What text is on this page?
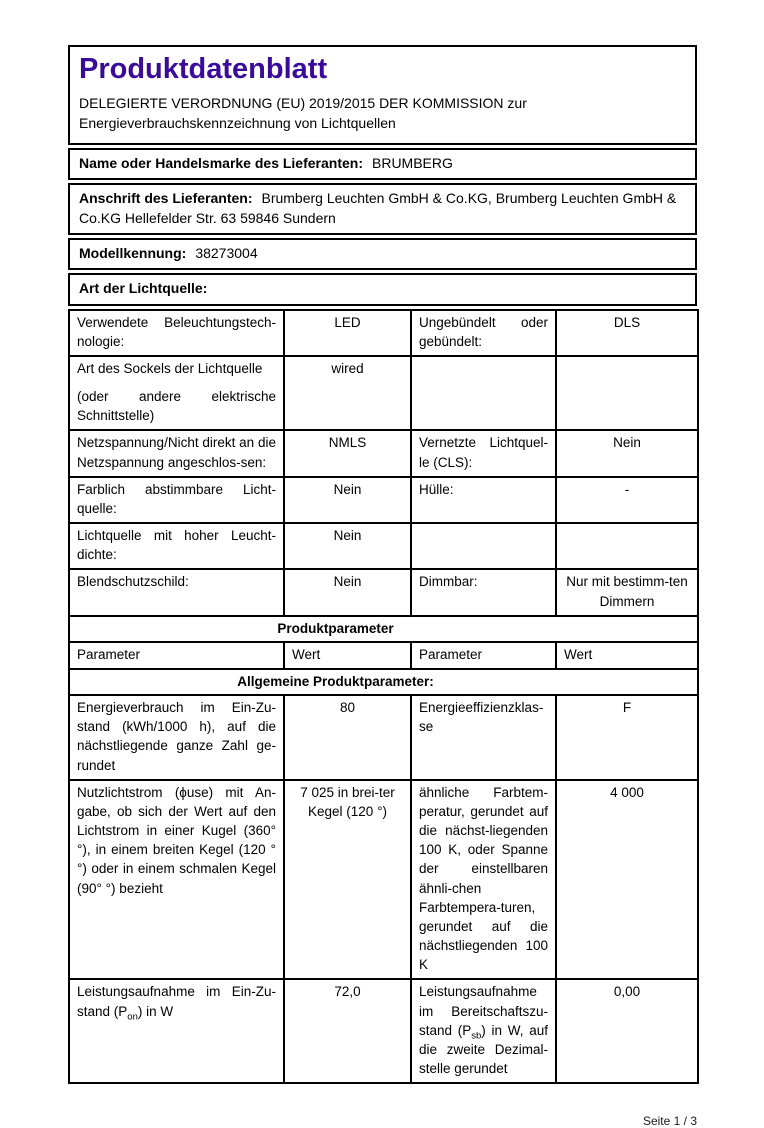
Produktdatenblatt
DELEGIERTE VERORDNUNG (EU) 2019/2015 DER KOMMISSION zur Energieverbrauchskennzeichnung von Lichtquellen
Name oder Handelsmarke des Lieferanten: BRUMBERG
Anschrift des Lieferanten: Brumberg Leuchten GmbH & Co.KG, Brumberg Leuchten GmbH & Co.KG Hellefelder Str. 63 59846 Sundern
Modellkennung: 38273004
Art der Lichtquelle:
Verwendete Beleuchtungstech-nologie:	LED	Ungebündelt oder gebündelt:	DLS

Art des Sockels der Lichtquelle
(oder andere elektrische Schnittstelle)	wired		
Netzspannung/Nicht direkt an die Netzspannung angeschlos-sen:	NMLS	Vernetzte Lichtquel-le (CLS):	Nein
Farblich abstimmbare Licht-quelle:	Nein	Hülle:	-
Lichtquelle mit hoher Leucht-dichte:	Nein		
Blendschutzschild:	Nein	Dimmbar:	Nur mit bestimm-ten Dimmern
Produktparameter			
Parameter	Wert	Parameter	Wert
Allgemeine Produktparameter:			
Energieverbrauch im Ein-Zu-stand (kWh/1000 h), auf die nächstliegende ganze Zahl ge-rundet	80	Energieeffizienzklas-se	F
Nutzlichtstrom (ϕuse) mit An-gabe, ob sich der Wert auf den Lichtstrom in einer Kugel (360° °), in einem breiten Kegel (120 °°) oder in einem schmalen Kegel (90° °) bezieht	7 025 in brei-ter Kegel (120 °)	ähnliche Farbtem-peratur, gerundet auf die nächst-liegenden 100 K, oder Spanne der einstellbaren ähnli-chen Farbtempera-turen, gerundet auf die nächstliegenden 100 K	4 000
Leistungsaufnahme im Ein-Zu-stand $(P_{on})$ in W	72,0	Leistungsaufnahme im Bereitschaftszu-stand $(P_{sb})$ in W, auf die zweite Dezimal-stelle gerundet	0,00
Seite 1 / 3
